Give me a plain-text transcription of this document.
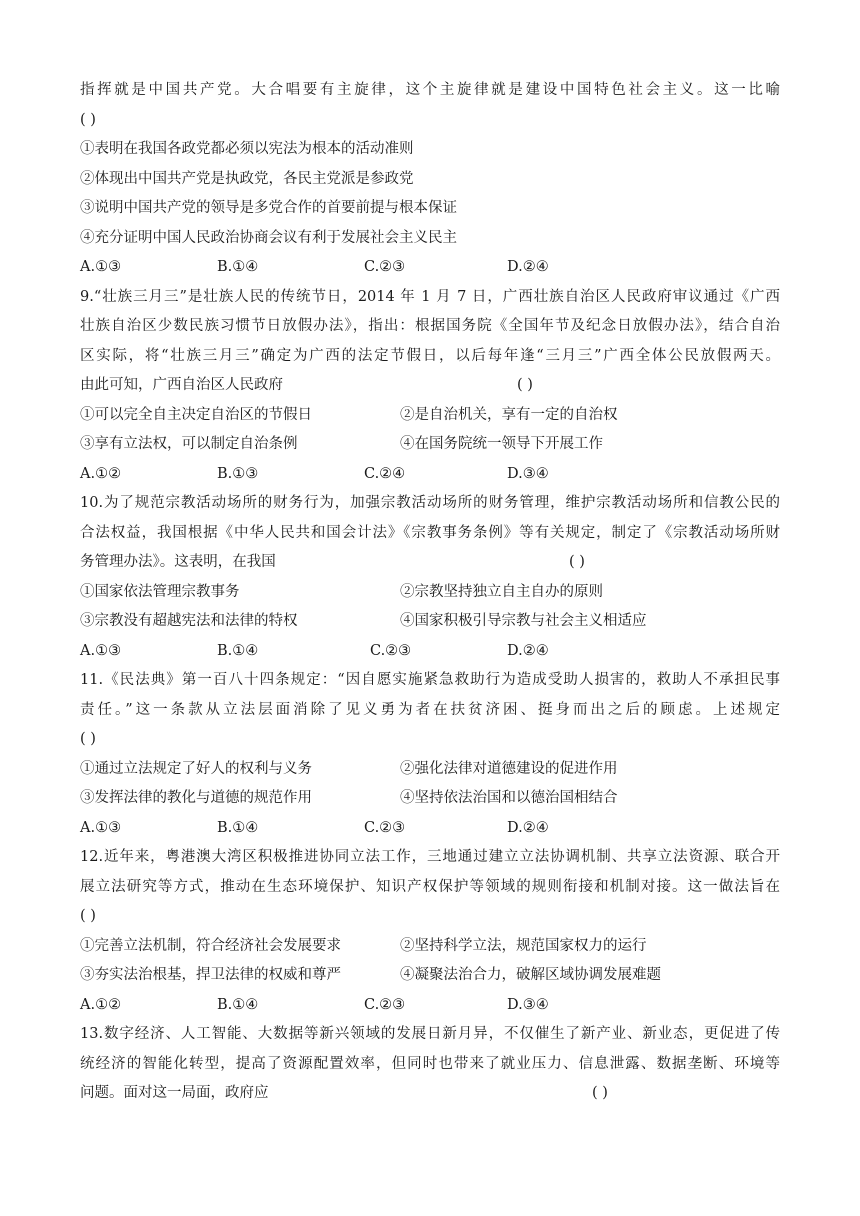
指挥就是中国共产党。大合唱要有主旋律，这个主旋律就是建设中国特色社会主义。这一比喻
( )
①表明在我国各政党都必须以宪法为根本的活动准则
②体现出中国共产党是执政党，各民主党派是参政党
③说明中国共产党的领导是多党合作的首要前提与根本保证
④充分证明中国人民政治协商会议有利于发展社会主义民主
A.①③	B.①④	C.②③	D.②④
9.“壮族三月三”是壮族人民的传统节日，2014 年 1 月 7 日，广西壮族自治区人民政府审议通过《广西
壮族自治区少数民族习惯节日放假办法》，指出：根据国务院《全国年节及纪念日放假办法》，结合自治
区实际，将“壮族三月三”确定为广西的法定节假日，以后每年逢“三月三”广西全体公民放假两天。
由此可知，广西自治区人民政府	( )
①可以完全自主决定自治区的节假日	②是自治机关，享有一定的自治权
③享有立法权，可以制定自治条例	④在国务院统一领导下开展工作
A.①②	B.①③	C.②④	D.③④
10.为了规范宗教活动场所的财务行为，加强宗教活动场所的财务管理，维护宗教活动场所和信教公民的
合法权益，我国根据《中华人民共和国会计法》《宗教事务条例》等有关规定，制定了《宗教活动场所财
务管理办法》。这表明，在我国	( )
①国家依法管理宗教事务	②宗教坚持独立自主自办的原则
③宗教没有超越宪法和法律的特权	④国家积极引导宗教与社会主义相适应
A.①③	B.①④	C.②③	D.②④
11.《民法典》第一百八十四条规定：“因自愿实施紧急救助行为造成受助人损害的，救助人不承担民事
责任。”这一条款从立法层面消除了见义勇为者在扶贫济困、挺身而出之后的顾虑。上述规定
( )
①通过立法规定了好人的权利与义务	②强化法律对道德建设的促进作用
③发挥法律的教化与道德的规范作用	④坚持依法治国和以德治国相结合
A.①③	B.①④	C.②③	D.②④
12.近年来，粤港澳大湾区积极推进协同立法工作，三地通过建立立法协调机制、共享立法资源、联合开
展立法研究等方式，推动在生态环境保护、知识产权保护等领域的规则衔接和机制对接。这一做法旨在
( )
①完善立法机制，符合经济社会发展要求	②坚持科学立法，规范国家权力的运行
③夯实法治根基，捍卫法律的权威和尊严	④凝聚法治合力，破解区域协调发展难题
A.①②	B.①④	C.②③	D.③④
13.数字经济、人工智能、大数据等新兴领域的发展日新月异，不仅催生了新产业、新业态，更促进了传
统经济的智能化转型，提高了资源配置效率，但同时也带来了就业压力、信息泄露、数据垄断、环境等
问题。面对这一局面，政府应	( )
